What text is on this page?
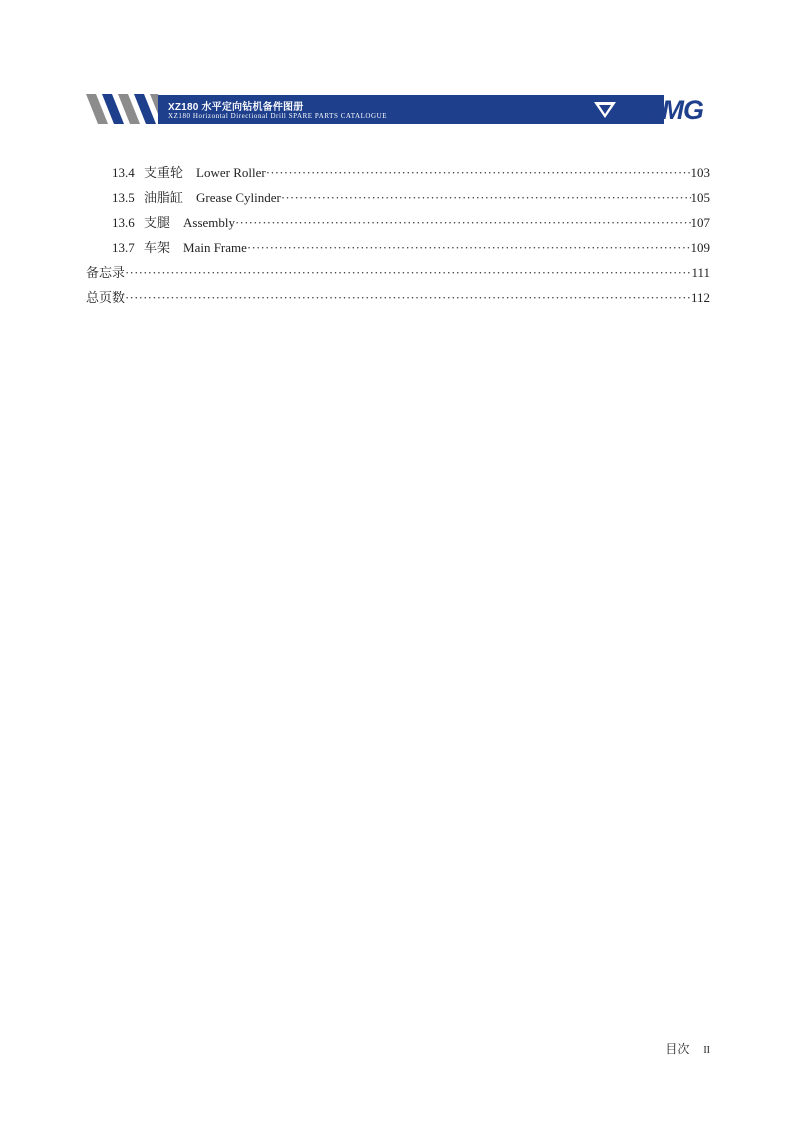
XZ180 水平定向钻机备件图册
XZ180 Horizontal Directional Drill SPARE PARTS CATALOGUE	XCMG
13.4 支重轮 Lower Roller ·····	103
13.5 油脂缸 Grease Cylinder ·····	105
13.6 支腿 Assembly ·····	107
13.7 车架 Main Frame ·····	109
备忘录 ·····	111
总页数 ·····	112
目次 II
